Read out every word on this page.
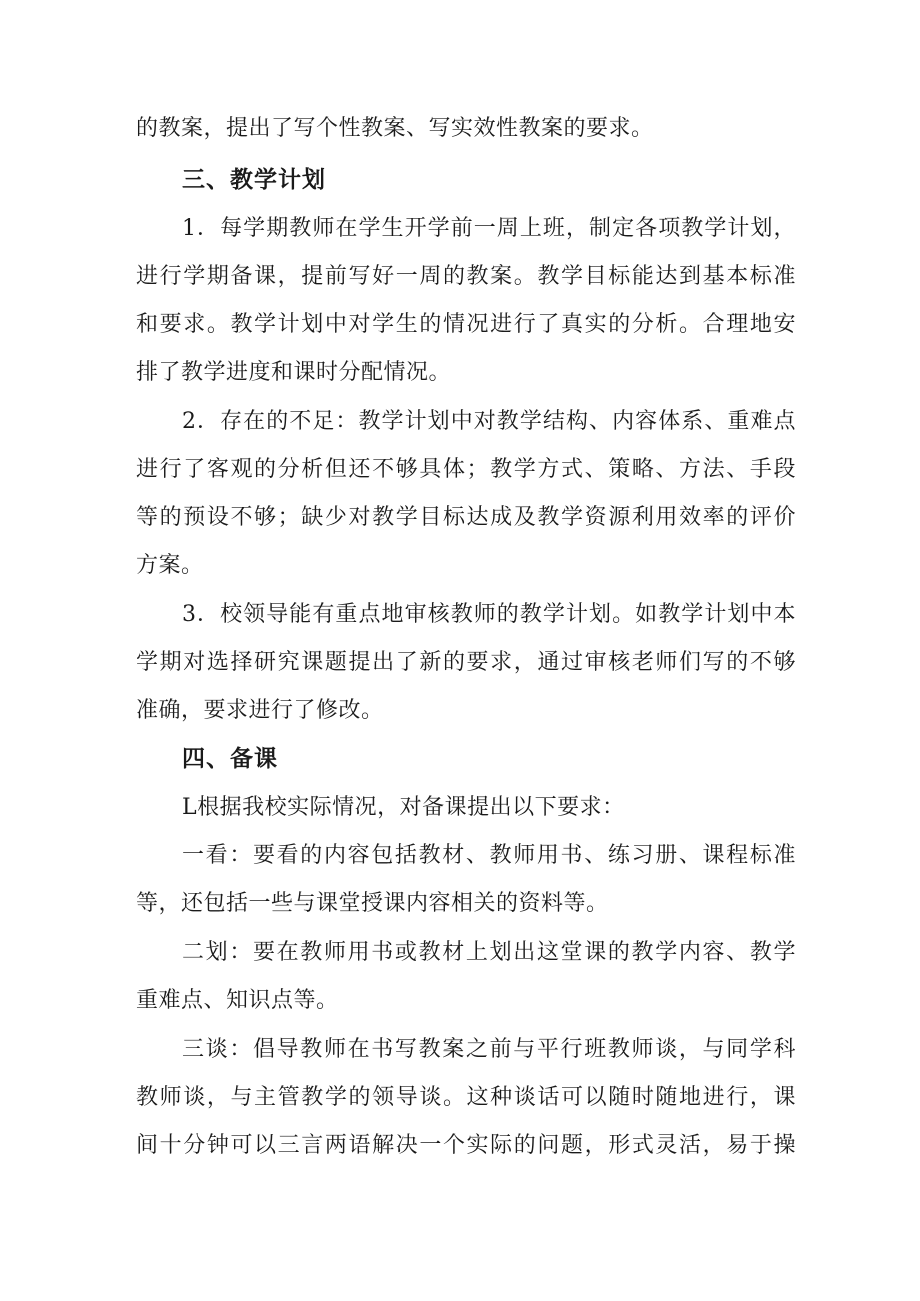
的教案，提出了写个性教案、写实效性教案的要求。
三、教学计划
1．每学期教师在学生开学前一周上班，制定各项教学计划，
进行学期备课，提前写好一周的教案。教学目标能达到基本标准
和要求。教学计划中对学生的情况进行了真实的分析。合理地安
排了教学进度和课时分配情况。
2．存在的不足：教学计划中对教学结构、内容体系、重难点
进行了客观的分析但还不够具体；教学方式、策略、方法、手段
等的预设不够；缺少对教学目标达成及教学资源利用效率的评价
方案。
3．校领导能有重点地审核教师的教学计划。如教学计划中本
学期对选择研究课题提出了新的要求，通过审核老师们写的不够
准确，要求进行了修改。
四、备课
L根据我校实际情况，对备课提出以下要求：
一看：要看的内容包括教材、教师用书、练习册、课程标准
等，还包括一些与课堂授课内容相关的资料等。
二划：要在教师用书或教材上划出这堂课的教学内容、教学
重难点、知识点等。
三谈：倡导教师在书写教案之前与平行班教师谈，与同学科
教师谈，与主管教学的领导谈。这种谈话可以随时随地进行，课
间十分钟可以三言两语解决一个实际的问题，形式灵活，易于操
